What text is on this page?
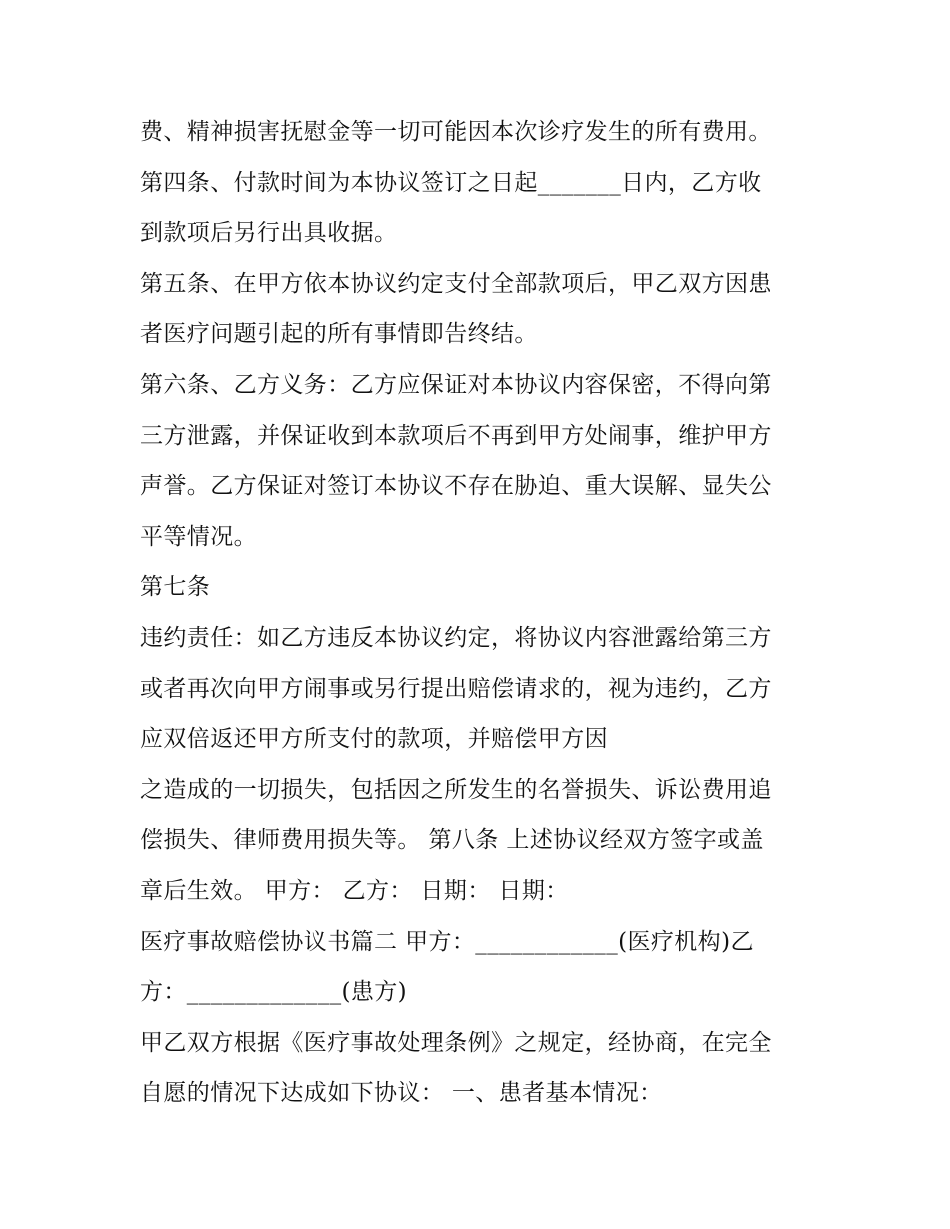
费、精神损害抚慰金等一切可能因本次诊疗发生的所有费用。
第四条、付款时间为本协议签订之日起_______日内，乙方收
到款项后另行出具收据。
第五条、在甲方依本协议约定支付全部款项后，甲乙双方因患
者医疗问题引起的所有事情即告终结。
第六条、乙方义务：乙方应保证对本协议内容保密，不得向第
三方泄露，并保证收到本款项后不再到甲方处闹事，维护甲方
声誉。乙方保证对签订本协议不存在胁迫、重大误解、显失公
平等情况。
第七条
违约责任：如乙方违反本协议约定，将协议内容泄露给第三方
或者再次向甲方闹事或另行提出赔偿请求的，视为违约，乙方
应双倍返还甲方所支付的款项，并赔偿甲方因
之造成的一切损失，包括因之所发生的名誉损失、诉讼费用追
偿损失、律师费用损失等。 第八条 上述协议经双方签字或盖
章后生效。 甲方： 乙方： 日期： 日期：
医疗事故赔偿协议书篇二 甲方：____________(医疗机构)乙
方：_____________(患方)
甲乙双方根据《医疗事故处理条例》之规定，经协商，在完全
自愿的情况下达成如下协议： 一、患者基本情况：
